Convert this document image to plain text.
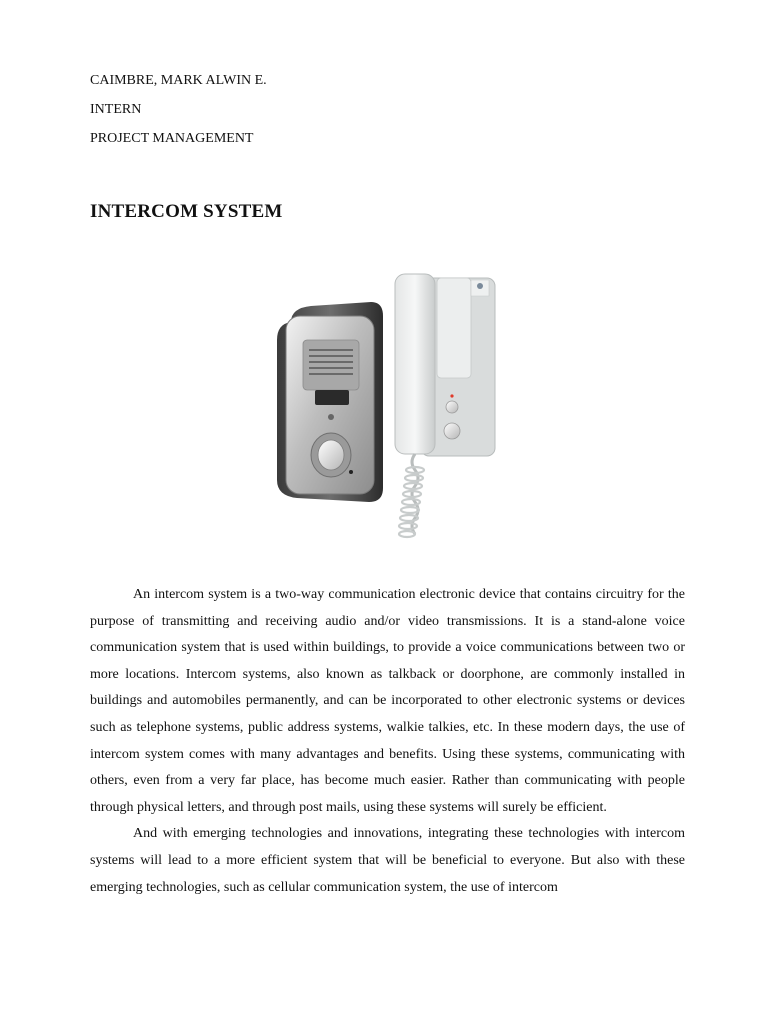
CAIMBRE, MARK ALWIN E.
INTERN
PROJECT MANAGEMENT
INTERCOM SYSTEM

An intercom system is a two-way communication electronic device that contains circuitry for the purpose of transmitting and receiving audio and/or video transmissions. It is a stand-alone voice communication system that is used within buildings, to provide a voice communications between two or more locations. Intercom systems, also known as talkback or doorphone, are commonly installed in buildings and automobiles permanently, and can be incorporated to other electronic systems or devices such as telephone systems, public address systems, walkie talkies, etc. In these modern days, the use of intercom system comes with many advantages and benefits. Using these systems, communicating with others, even from a very far place, has become much easier. Rather than communicating with people through physical letters, and through post mails, using these systems will surely be efficient.

And with emerging technologies and innovations, integrating these technologies with intercom systems will lead to a more efficient system that will be beneficial to everyone. But also with these emerging technologies, such as cellular communication system, the use of intercom
